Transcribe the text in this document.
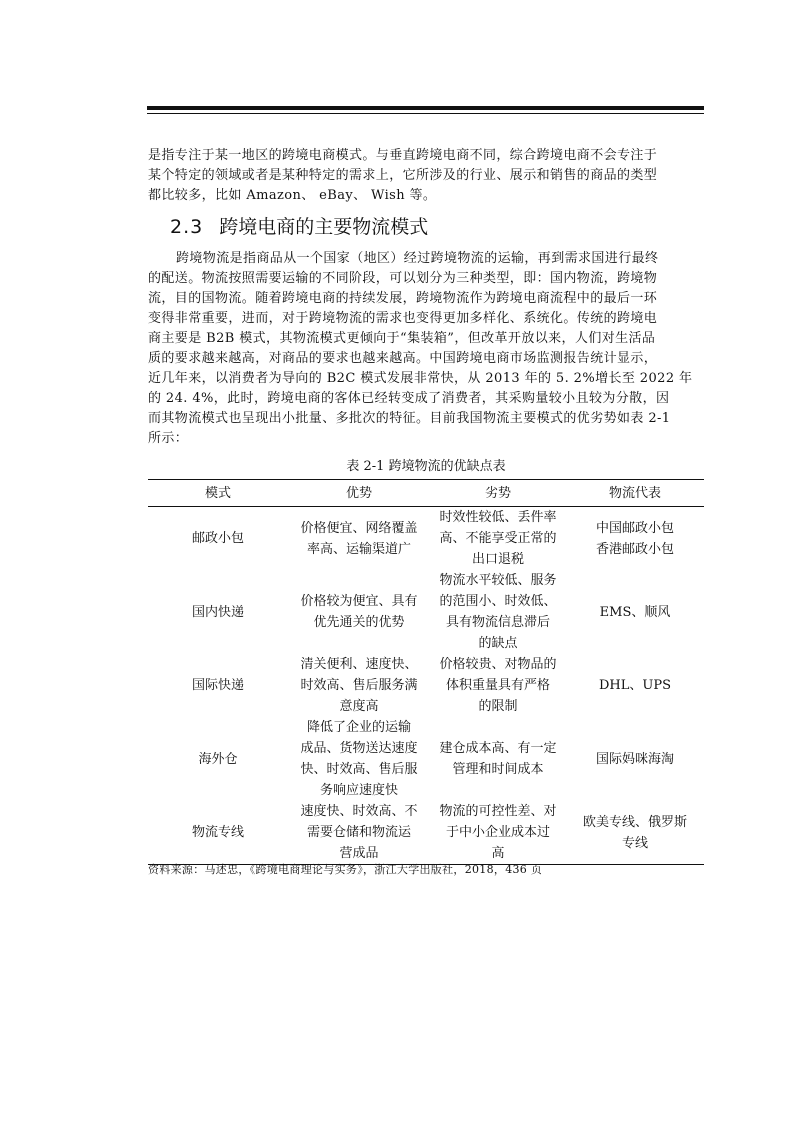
是指专注于某一地区的跨境电商模式。与垂直跨境电商不同，综合跨境电商不会专注于
某个特定的领域或者是某种特定的需求上，它所涉及的行业、展示和销售的商品的类型
都比较多，比如 Amazon、 eBay、 Wish 等。

2.3 跨境电商的主要物流模式

跨境物流是指商品从一个国家（地区）经过跨境物流的运输，再到需求国进行最终
的配送。物流按照需要运输的不同阶段，可以划分为三种类型，即：国内物流，跨境物
流，目的国物流。随着跨境电商的持续发展，跨境物流作为跨境电商流程中的最后一环
变得非常重要，进而，对于跨境物流的需求也变得更加多样化、系统化。传统的跨境电
商主要是 B2B 模式，其物流模式更倾向于“集装箱”，但改革开放以来，人们对生活品
质的要求越来越高，对商品的要求也越来越高。中国跨境电商市场监测报告统计显示，
近几年来，以消费者为导向的 B2C 模式发展非常快，从 2013 年的 5. 2%增长至 2022 年
的 24. 4%，此时，跨境电商的客体已经转变成了消费者，其采购量较小且较为分散，因
而其物流模式也呈现出小批量、多批次的特征。目前我国物流主要模式的优劣势如表 2-1
所示：

表 2-1 跨境物流的优缺点表
模式	优势	劣势	物流代表

邮政小包	价格便宜、网络覆盖
率高、运输渠道广	时效性较低、丢件率
高、不能享受正常的
出口退税	中国邮政小包
香港邮政小包

国内快递	价格较为便宜、具有
优先通关的优势	物流水平较低、服务
的范围小、时效低、
具有物流信息滞后
的缺点	EMS、顺风

国际快递	清关便利、速度快、
时效高、售后服务满
意度高	价格较贵、对物品的
体积重量具有严格
的限制	DHL、UPS

海外仓	降低了企业的运输
成品、货物送达速度
快、时效高、售后服
务响应速度快	建仓成本高、有一定
管理和时间成本	国际妈咪海淘

物流专线	速度快、时效高、不
需要仓储和物流运
营成品	物流的可控性差、对
于中小企业成本过
高	欧美专线、俄罗斯
专线
资料来源：马述忠，《跨境电商理论与实务》，浙江大学出版社，2018，436 页
